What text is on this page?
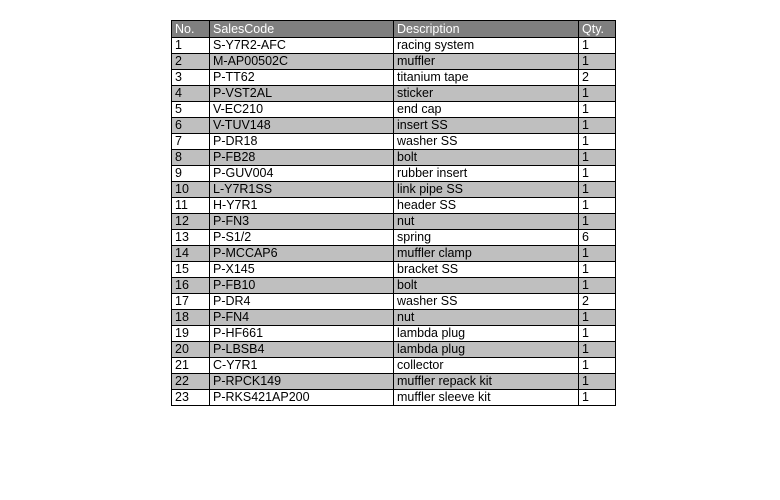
No.	SalesCode	Description	Qty.
1	S-Y7R2-AFC	racing system	1
2	M-AP00502C	muffler	1
3	P-TT62	titanium tape	2
4	P-VST2AL	sticker	1
5	V-EC210	end cap	1
6	V-TUV148	insert SS	1
7	P-DR18	washer SS	1
8	P-FB28	bolt	1
9	P-GUV004	rubber insert	1
10	L-Y7R1SS	link pipe SS	1
11	H-Y7R1	header SS	1
12	P-FN3	nut	1
13	P-S1/2	spring	6
14	P-MCCAP6	muffler clamp	1
15	P-X145	bracket SS	1
16	P-FB10	bolt	1
17	P-DR4	washer SS	2
18	P-FN4	nut	1
19	P-HF661	lambda plug	1
20	P-LBSB4	lambda plug	1
21	C-Y7R1	collector	1
22	P-RPCK149	muffler repack kit	1
23	P-RKS421AP200	muffler sleeve kit	1
